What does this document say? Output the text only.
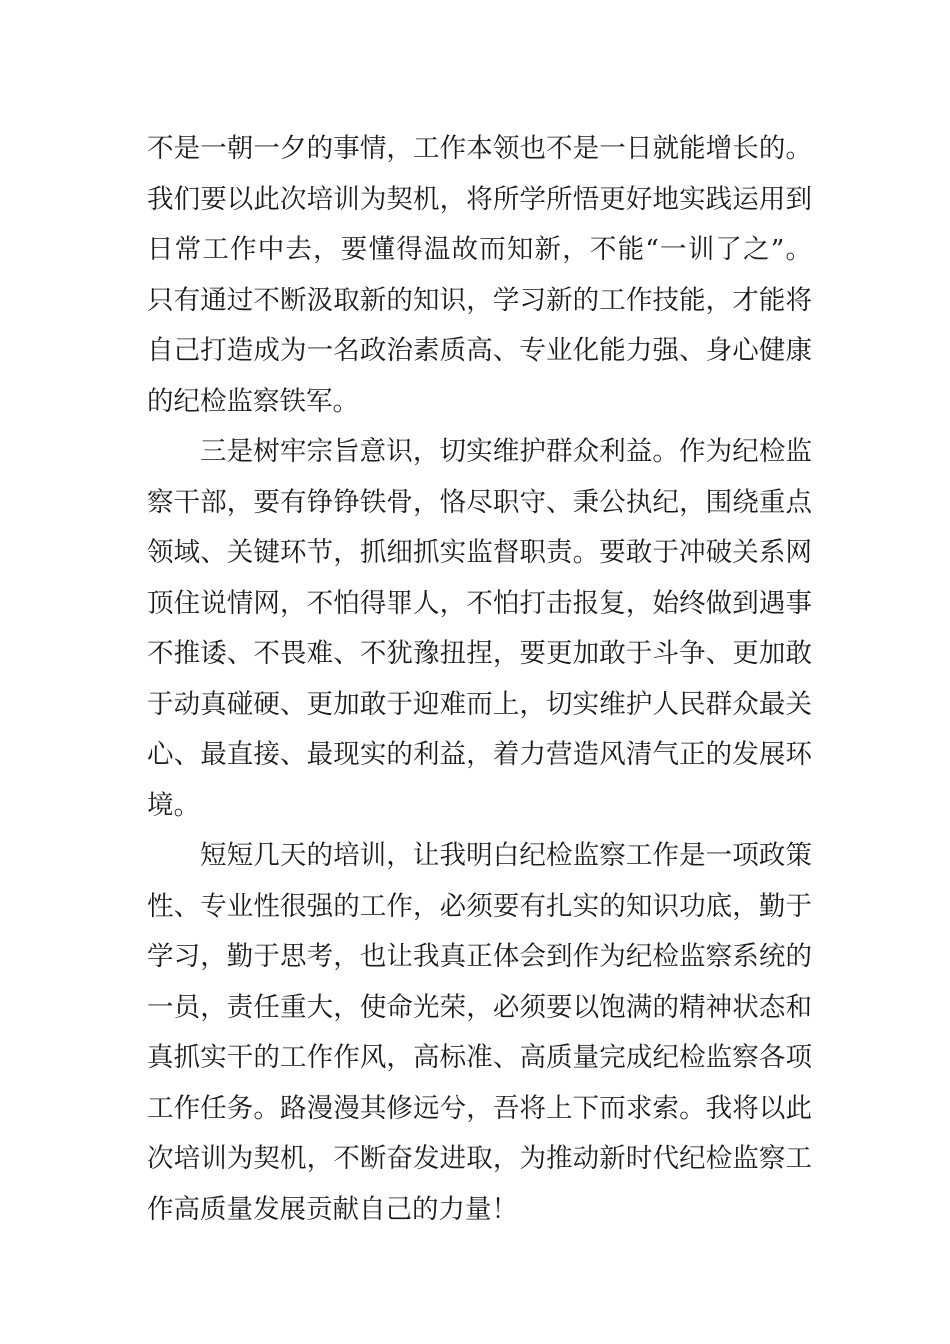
不是一朝一夕的事情，工作本领也不是一日就能增长的。
我们要以此次培训为契机，将所学所悟更好地实践运用到
日常工作中去，要懂得温故而知新，不能“一训了之”。
只有通过不断汲取新的知识，学习新的工作技能，才能将
自己打造成为一名政治素质高、专业化能力强、身心健康
的纪检监察铁军。
三是树牢宗旨意识，切实维护群众利益。作为纪检监
察干部，要有铮铮铁骨，恪尽职守、秉公执纪，围绕重点
领域、关键环节，抓细抓实监督职责。要敢于冲破关系网
顶住说情网，不怕得罪人，不怕打击报复，始终做到遇事
不推诿、不畏难、不犹豫扭捏，要更加敢于斗争、更加敢
于动真碰硬、更加敢于迎难而上，切实维护人民群众最关
心、最直接、最现实的利益，着力营造风清气正的发展环
境。
短短几天的培训，让我明白纪检监察工作是一项政策
性、专业性很强的工作，必须要有扎实的知识功底，勤于
学习，勤于思考，也让我真正体会到作为纪检监察系统的
一员，责任重大，使命光荣，必须要以饱满的精神状态和
真抓实干的工作作风，高标准、高质量完成纪检监察各项
工作任务。路漫漫其修远兮，吾将上下而求索。我将以此
次培训为契机，不断奋发进取，为推动新时代纪检监察工
作高质量发展贡献自己的力量！
